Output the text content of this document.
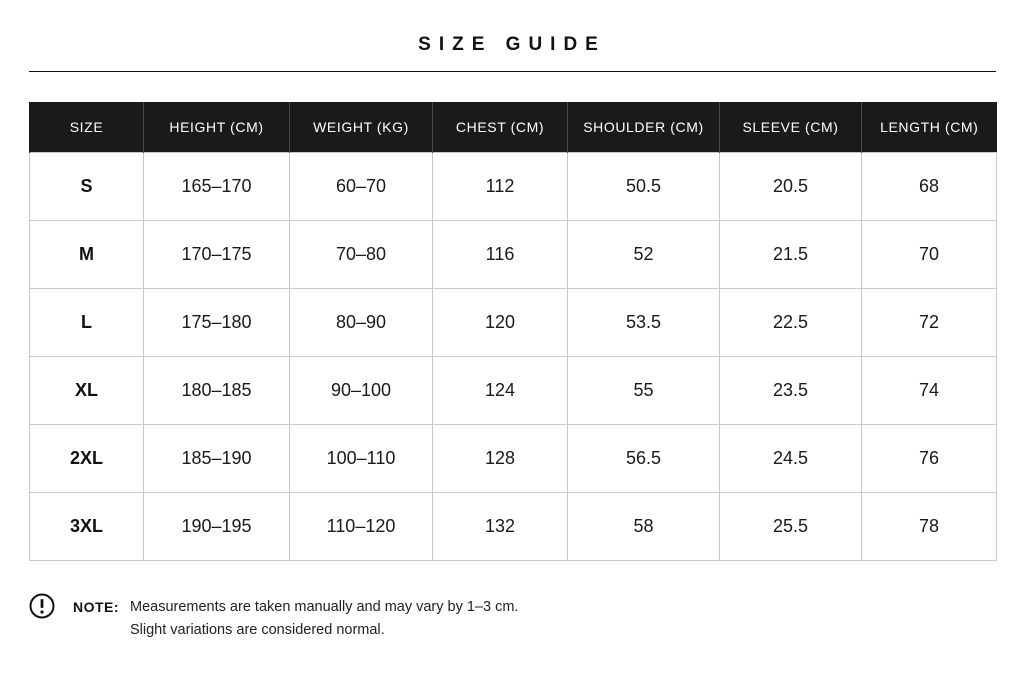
SIZE GUIDE
SIZE	HEIGHT (CM)	WEIGHT (KG)	CHEST (CM)	SHOULDER (CM)	SLEEVE (CM)	LENGTH (CM)
S	165–170	60–70	112	50.5	20.5	68
M	170–175	70–80	116	52	21.5	70
L	175–180	80–90	120	53.5	22.5	72
XL	180–185	90–100	124	55	23.5	74
2XL	185–190	100–110	128	56.5	24.5	76
3XL	190–195	110–120	132	58	25.5	78
NOTE: Measurements are taken manually and may vary by 1–3 cm.
Slight variations are considered normal.
